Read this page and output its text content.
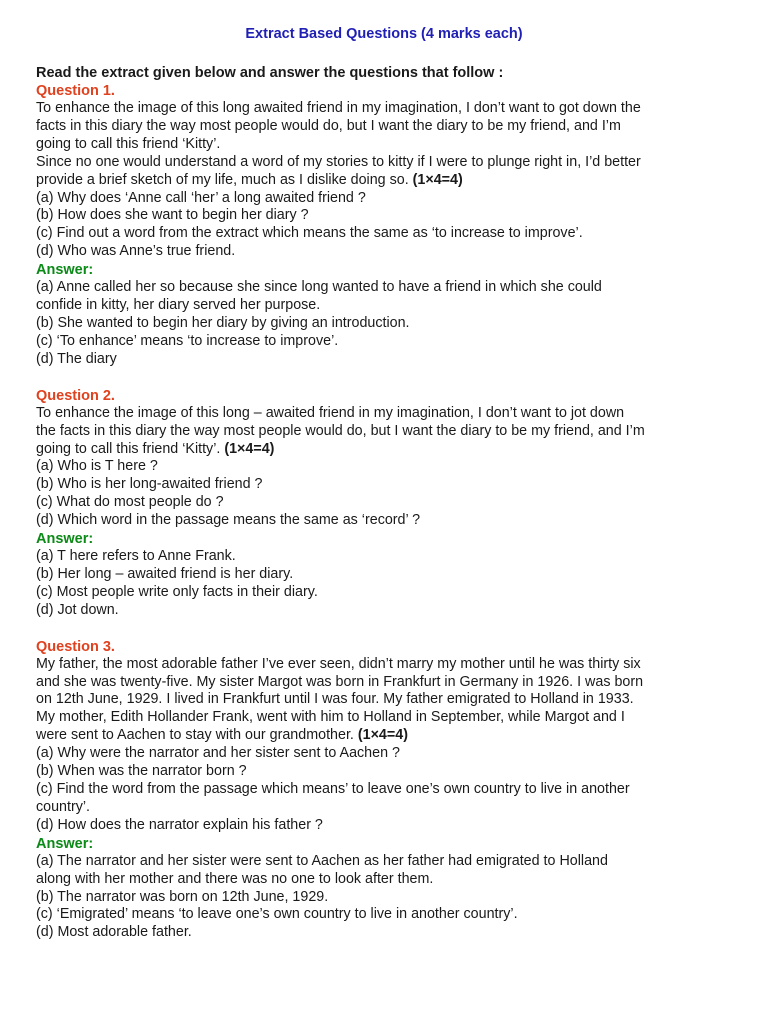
Extract Based Questions (4 marks each)
Read the extract given below and answer the questions that follow :
Question 1.
To enhance the image of this long awaited friend in my imagination, I don’t want to got down the
facts in this diary the way most people would do, but I want the diary to be my friend, and I’m
going to call this friend ‘Kitty’.
Since no one would understand a word of my stories to kitty if I were to plunge right in, I’d better
provide a brief sketch of my life, much as I dislike doing so. (1×4=4)
(a) Why does ‘Anne call ‘her’ a long awaited friend ?
(b) How does she want to begin her diary ?
(c) Find out a word from the extract which means the same as ‘to increase to improve’.
(d) Who was Anne’s true friend.
Answer:
(a) Anne called her so because she since long wanted to have a friend in which she could
confide in kitty, her diary served her purpose.
(b) She wanted to begin her diary by giving an introduction.
(c) ‘To enhance’ means ‘to increase to improve’.
(d) The diary
Question 2.
To enhance the image of this long – awaited friend in my imagination, I don’t want to jot down
the facts in this diary the way most people would do, but I want the diary to be my friend, and I’m
going to call this friend ‘Kitty’. (1×4=4)
(a) Who is T here ?
(b) Who is her long-awaited friend ?
(c) What do most people do ?
(d) Which word in the passage means the same as ‘record’ ?
Answer:
(a) T here refers to Anne Frank.
(b) Her long – awaited friend is her diary.
(c) Most people write only facts in their diary.
(d) Jot down.
Question 3.
My father, the most adorable father I’ve ever seen, didn’t marry my mother until he was thirty six
and she was twenty-five. My sister Margot was born in Frankfurt in Germany in 1926. I was born
on 12th June, 1929. I lived in Frankfurt until I was four. My father emigrated to Holland in 1933.
My mother, Edith Hollander Frank, went with him to Holland in September, while Margot and I
were sent to Aachen to stay with our grandmother. (1×4=4)
(a) Why were the narrator and her sister sent to Aachen ?
(b) When was the narrator born ?
(c) Find the word from the passage which means’ to leave one’s own country to live in another
country’.
(d) How does the narrator explain his father ?
Answer:
(a) The narrator and her sister were sent to Aachen as her father had emigrated to Holland
along with her mother and there was no one to look after them.
(b) The narrator was born on 12th June, 1929.
(c) ‘Emigrated’ means ‘to leave one’s own country to live in another country’.
(d) Most adorable father.
